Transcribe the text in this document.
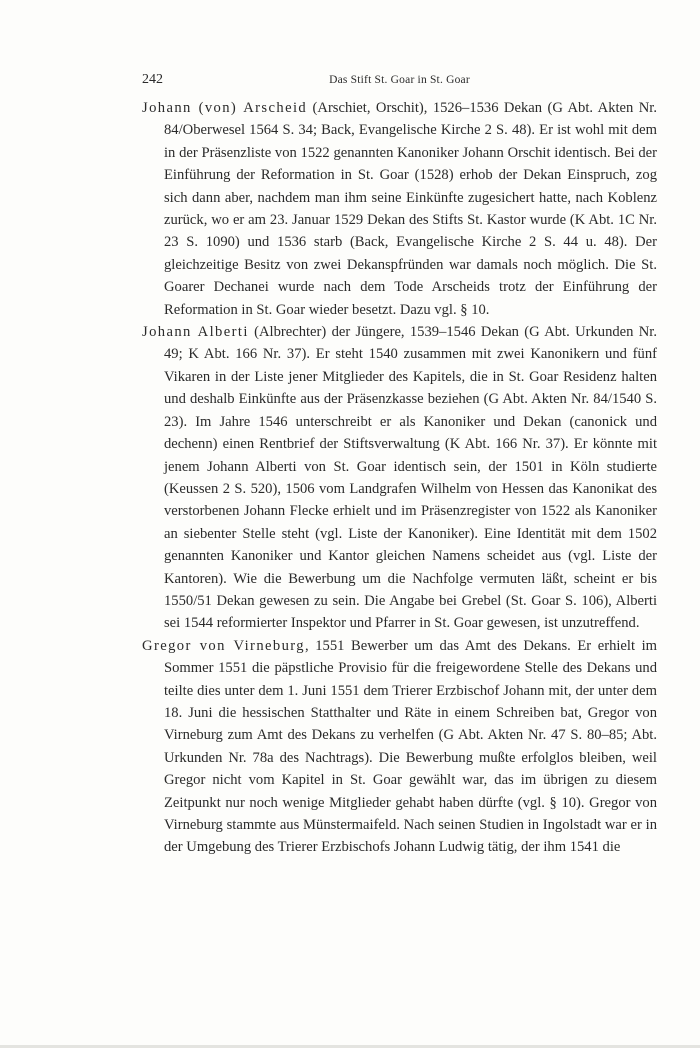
242	Das Stift St. Goar in St. Goar

Johann (von) Arscheid (Arschiet, Orschit), 1526–1536 Dekan (G Abt. Akten Nr. 84/Oberwesel 1564 S. 34; Back, Evangelische Kirche 2 S. 48). Er ist wohl mit dem in der Präsenzliste von 1522 genannten Kanoniker Johann Orschit identisch. Bei der Einführung der Reformation in St. Goar (1528) erhob der Dekan Einspruch, zog sich dann aber, nachdem man ihm seine Einkünfte zugesichert hatte, nach Koblenz zurück, wo er am 23. Januar 1529 Dekan des Stifts St. Kastor wurde (K Abt. 1C Nr. 23 S. 1090) und 1536 starb (Back, Evangelische Kirche 2 S. 44 u. 48). Der gleichzeitige Besitz von zwei Dekanspfründen war damals noch möglich. Die St. Goarer Dechanei wurde nach dem Tode Arscheids trotz der Einführung der Reformation in St. Goar wieder besetzt. Dazu vgl. § 10.

Johann Alberti (Albrechter) der Jüngere, 1539–1546 Dekan (G Abt. Urkunden Nr. 49; K Abt. 166 Nr. 37). Er steht 1540 zusammen mit zwei Kanonikern und fünf Vikaren in der Liste jener Mitglieder des Kapitels, die in St. Goar Residenz halten und deshalb Einkünfte aus der Präsenzkasse beziehen (G Abt. Akten Nr. 84/1540 S. 23). Im Jahre 1546 unterschreibt er als Kanoniker und Dekan (canonick und dechenn) einen Rentbrief der Stiftsverwaltung (K Abt. 166 Nr. 37). Er könnte mit jenem Johann Alberti von St. Goar identisch sein, der 1501 in Köln studierte (Keussen 2 S. 520), 1506 vom Landgrafen Wilhelm von Hessen das Kanonikat des verstorbenen Johann Flecke erhielt und im Präsenzregister von 1522 als Kanoniker an siebenter Stelle steht (vgl. Liste der Kanoniker). Eine Identität mit dem 1502 genannten Kanoniker und Kantor gleichen Namens scheidet aus (vgl. Liste der Kantoren). Wie die Bewerbung um die Nachfolge vermuten läßt, scheint er bis 1550/51 Dekan gewesen zu sein. Die Angabe bei Grebel (St. Goar S. 106), Alberti sei 1544 reformierter Inspektor und Pfarrer in St. Goar gewesen, ist unzutreffend.

Gregor von Virneburg, 1551 Bewerber um das Amt des Dekans. Er erhielt im Sommer 1551 die päpstliche Provisio für die freigewordene Stelle des Dekans und teilte dies unter dem 1. Juni 1551 dem Trierer Erzbischof Johann mit, der unter dem 18. Juni die hessischen Statthalter und Räte in einem Schreiben bat, Gregor von Virneburg zum Amt des Dekans zu verhelfen (G Abt. Akten Nr. 47 S. 80–85; Abt. Urkunden Nr. 78a des Nachtrags). Die Bewerbung mußte erfolglos bleiben, weil Gregor nicht vom Kapitel in St. Goar gewählt war, das im übrigen zu diesem Zeitpunkt nur noch wenige Mitglieder gehabt haben dürfte (vgl. § 10). Gregor von Virneburg stammte aus Münstermaifeld. Nach seinen Studien in Ingolstadt war er in der Umgebung des Trierer Erzbischofs Johann Ludwig tätig, der ihm 1541 die
